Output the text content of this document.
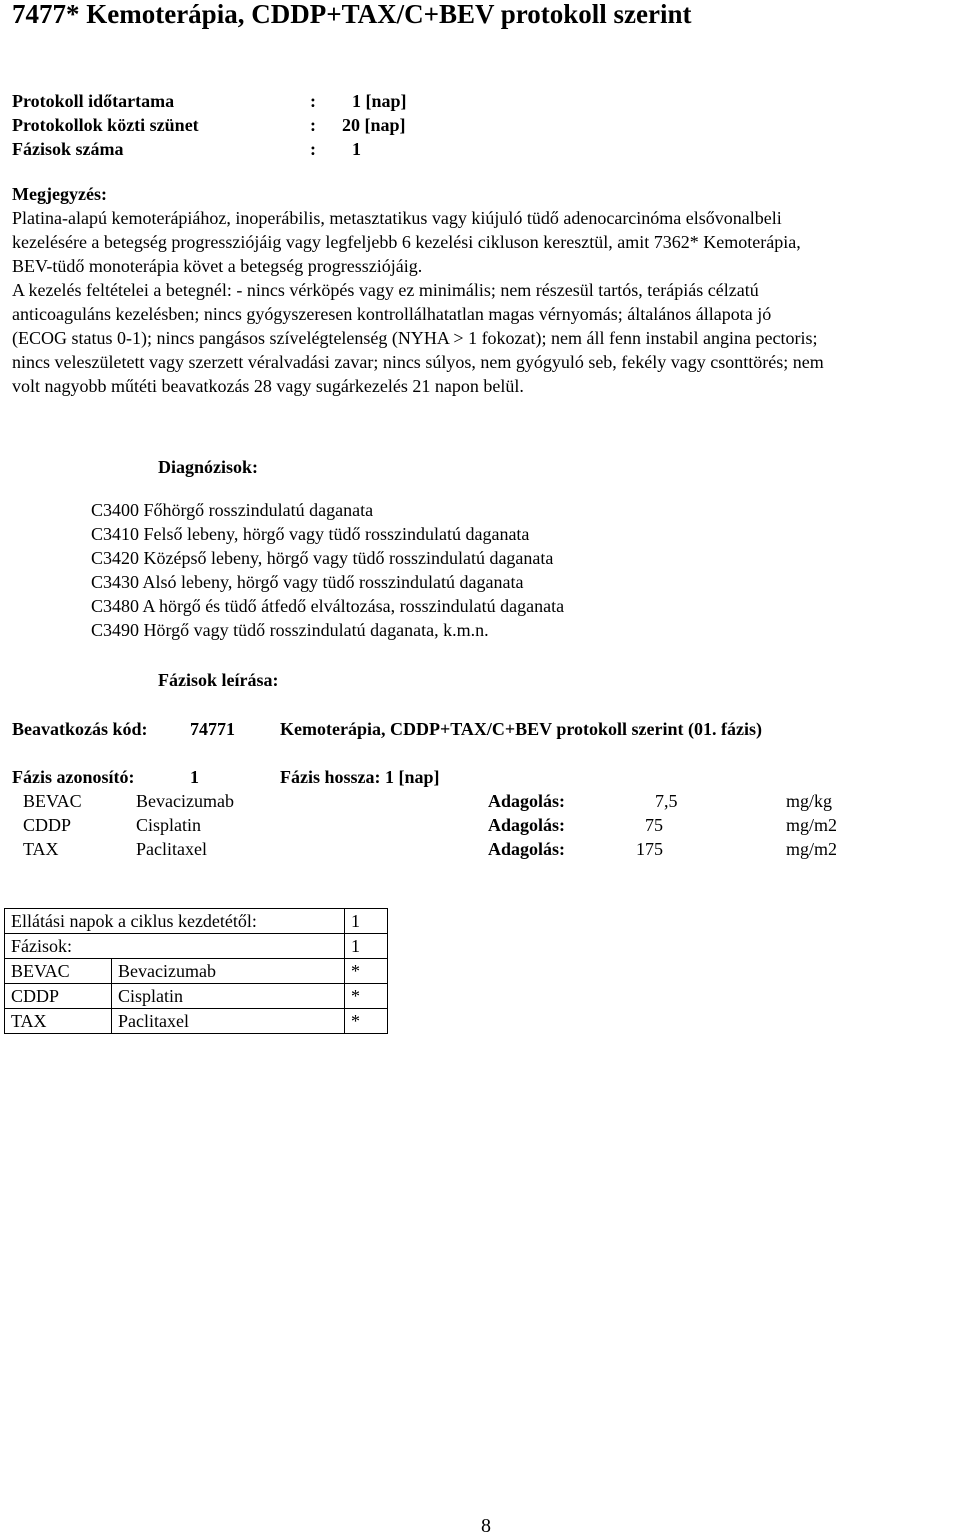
7477* Kemoterápia, CDDP+TAX/C+BEV protokoll szerint
Protokoll időtartama	: 1 [nap]
Protokollok közti szünet	: 20 [nap]
Fázisok száma	: 1
Megjegyzés:
Platina-alapú kemoterápiához, inoperábilis, metasztatikus vagy kiújuló tüdő adenocarcinóma elsővonalbeli
kezelésére a betegség progressziójáig vagy legfeljebb 6 kezelési cikluson keresztül, amit 7362* Kemoterápia,
BEV-tüdő monoterápia követ a betegség progressziójáig.
A kezelés feltételei a betegnél: - nincs vérköpés vagy ez minimális; nem részesül tartós, terápiás célzatú
anticoaguláns kezelésben; nincs gyógyszeresen kontrollálhatatlan magas vérnyomás; általános állapota jó
(ECOG status 0-1); nincs pangásos szívelégtelenség (NYHA > 1 fokozat); nem áll fenn instabil angina pectoris;
nincs veleszületett vagy szerzett véralvadási zavar; nincs súlyos, nem gyógyuló seb, fekély vagy csonttörés; nem
volt nagyobb műtéti beavatkozás 28 vagy sugárkezelés 21 napon belül.
Diagnózisok:
C3400 Főhörgő rosszindulatú daganata
C3410 Felső lebeny, hörgő vagy tüdő rosszindulatú daganata
C3420 Középső lebeny, hörgő vagy tüdő rosszindulatú daganata
C3430 Alsó lebeny, hörgő vagy tüdő rosszindulatú daganata
C3480 A hörgő és tüdő átfedő elváltozása, rosszindulatú daganata
C3490 Hörgő vagy tüdő rosszindulatú daganata, k.m.n.
Fázisok leírása:
Beavatkozás kód: 74771	Kemoterápia, CDDP+TAX/C+BEV protokoll szerint (01. fázis)
Fázis azonosító:	1	Fázis hossza: 1 [nap]
BEVAC	Bevacizumab	Adagolás:	7,5	mg/kg
CDDP	Cisplatin	Adagolás:	75	mg/m2
TAX	Paclitaxel	Adagolás:	175	mg/m2
Ellátási napok a ciklus kezdetétől:		1
Fázisok:		1
BEVAC	Bevacizumab	*
CDDP	Cisplatin	*
TAX	Paclitaxel	*
8
